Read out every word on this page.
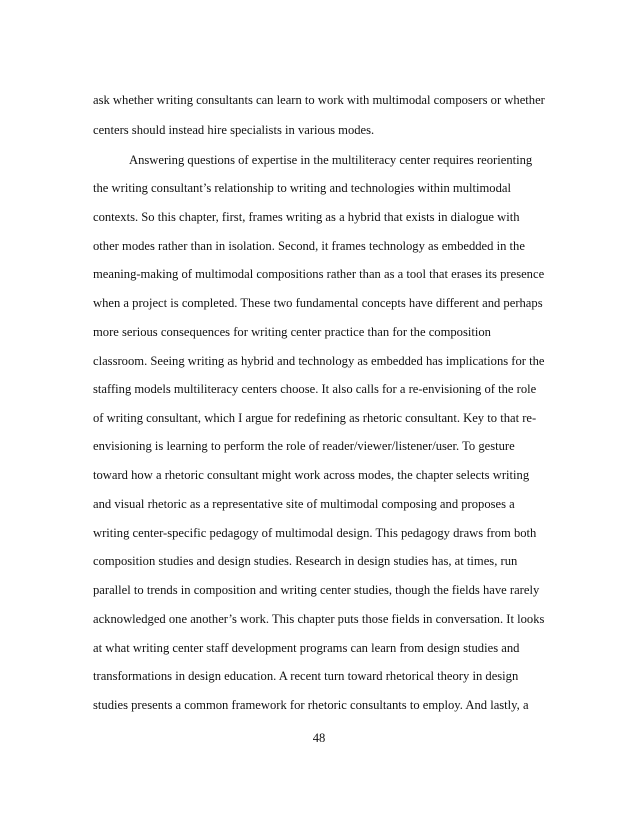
ask whether writing consultants can learn to work with multimodal composers or whether
centers should instead hire specialists in various modes.
Answering questions of expertise in the multiliteracy center requires reorienting
the writing consultant’s relationship to writing and technologies within multimodal
contexts. So this chapter, first, frames writing as a hybrid that exists in dialogue with
other modes rather than in isolation. Second, it frames technology as embedded in the
meaning-making of multimodal compositions rather than as a tool that erases its presence
when a project is completed. These two fundamental concepts have different and perhaps
more serious consequences for writing center practice than for the composition
classroom. Seeing writing as hybrid and technology as embedded has implications for the
staffing models multiliteracy centers choose. It also calls for a re-envisioning of the role
of writing consultant, which I argue for redefining as rhetoric consultant. Key to that re-
envisioning is learning to perform the role of reader/viewer/listener/user. To gesture
toward how a rhetoric consultant might work across modes, the chapter selects writing
and visual rhetoric as a representative site of multimodal composing and proposes a
writing center-specific pedagogy of multimodal design. This pedagogy draws from both
composition studies and design studies. Research in design studies has, at times, run
parallel to trends in composition and writing center studies, though the fields have rarely
acknowledged one another’s work. This chapter puts those fields in conversation. It looks
at what writing center staff development programs can learn from design studies and
transformations in design education. A recent turn toward rhetorical theory in design
studies presents a common framework for rhetoric consultants to employ. And lastly, a
48
